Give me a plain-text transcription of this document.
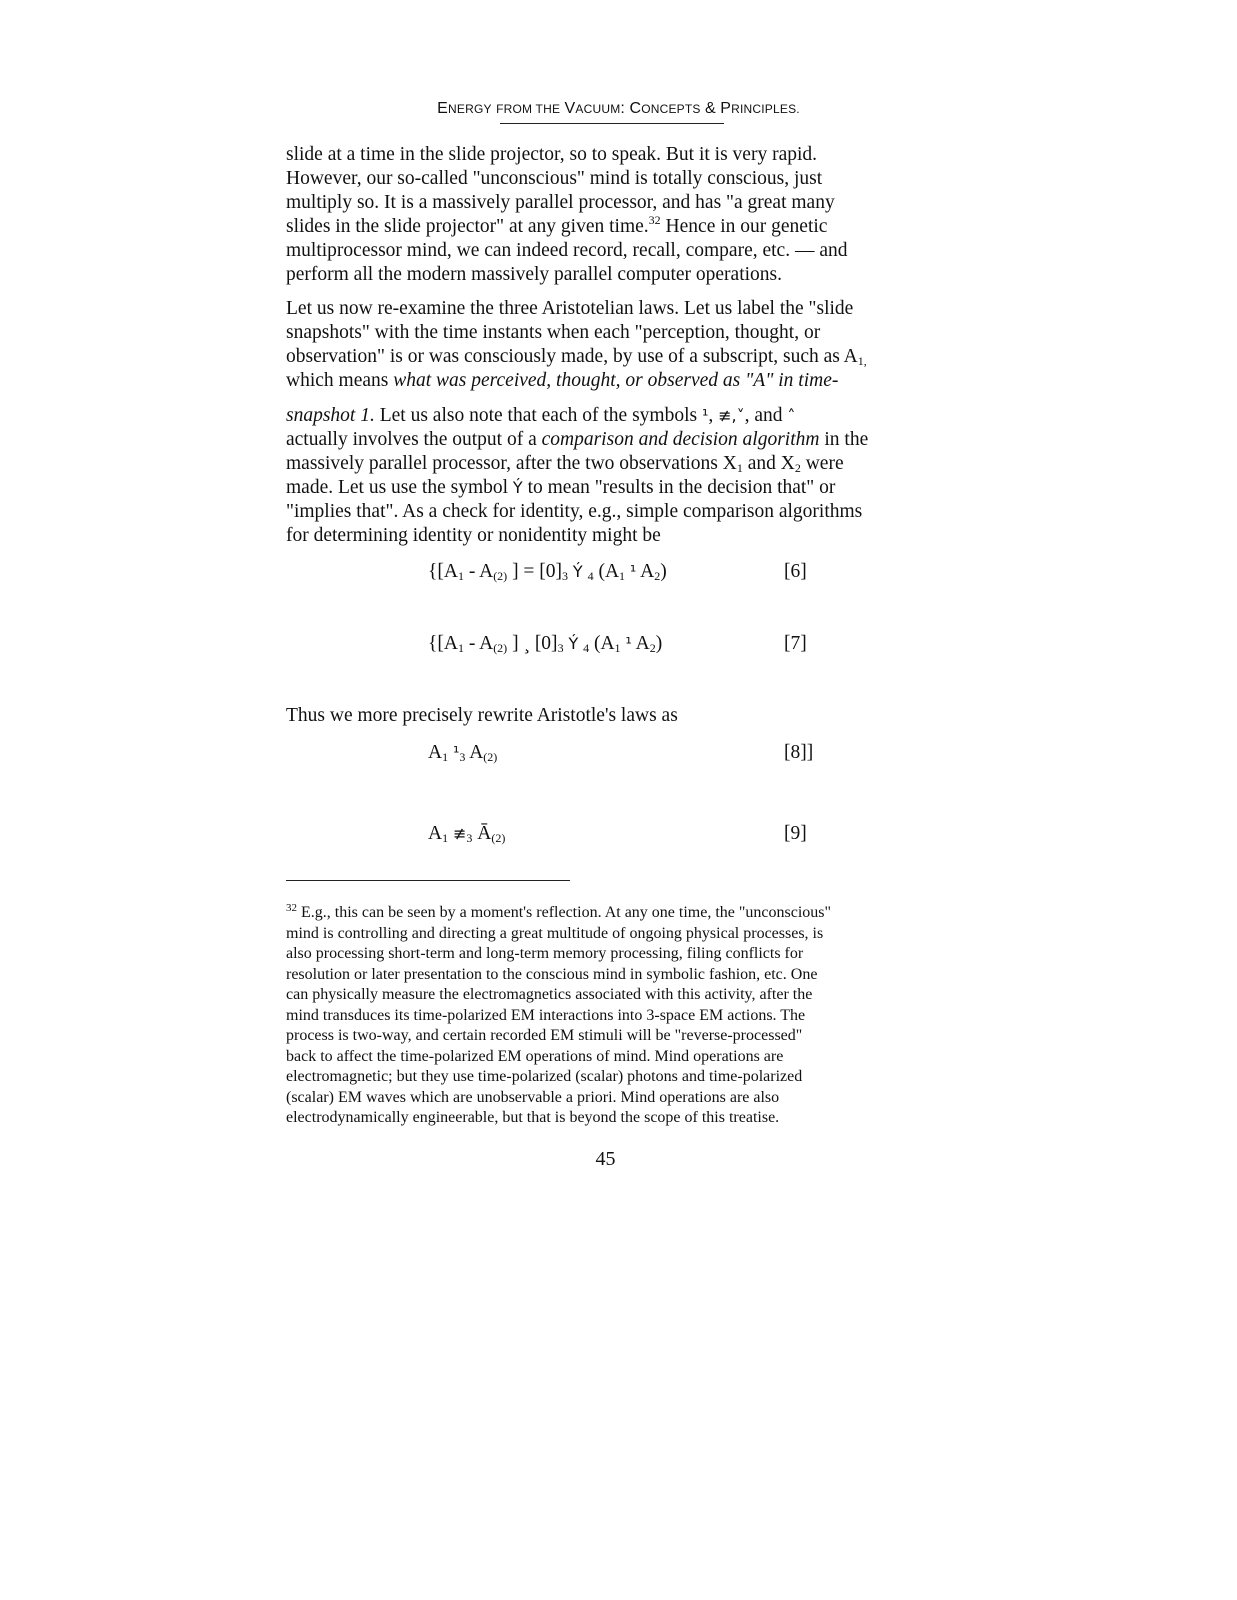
ENERGY FROM THE VACUUM: CONCEPTS & PRINCIPLES.
slide at a time in the slide projector, so to speak. But it is very rapid.
However, our so-called "unconscious" mind is totally conscious, just
multiply so. It is a massively parallel processor, and has "a great many
slides in the slide projector" at any given time.$^{32}$ Hence in our genetic
multiprocessor mind, we can indeed record, recall, compare, etc. — and
perform all the modern massively parallel computer operations.
Let us now re-examine the three Aristotelian laws. Let us label the "slide
snapshots" with the time instants when each "perception, thought, or
observation" is or was consciously made, by use of a subscript, such as $A_{1,}$
which means what was perceived, thought, or observed as "A" in time-
snapshot 1. Let us also note that each of the symbols ¹, ≢,˅, and ˄
actually involves the output of a comparison and decision algorithm in the
massively parallel processor, after the two observations $X_1$ and $X_2$ were
made. Let us use the symbol Ý to mean "results in the decision that" or
"implies that". As a check for identity, e.g., simple comparison algorithms
for determining identity or nonidentity might be
{[$A_1 - A_{(2)}$ ] = $[0]_3$ Ý $_4$ ($A_1$ ¹ $A_2$)	[6]
{[$A_1 - A_{(2)}$ ] ¸ $[0]_3$ Ý $_4$ ($A_1$ ¹ $A_2$)	[7]
Thus we more precisely rewrite Aristotle's laws as
$A_1$ $^1_3$ $A_{(2)}$	[8]]
$A_1$ $≢_3$ $Ā_{(2)}$	[9]
$^{32}$ E.g., this can be seen by a moment's reflection. At any one time, the "unconscious"
mind is controlling and directing a great multitude of ongoing physical processes, is
also processing short-term and long-term memory processing, filing conflicts for
resolution or later presentation to the conscious mind in symbolic fashion, etc. One
can physically measure the electromagnetics associated with this activity, after the
mind transduces its time-polarized EM interactions into 3-space EM actions. The
process is two-way, and certain recorded EM stimuli will be "reverse-processed"
back to affect the time-polarized EM operations of mind. Mind operations are
electromagnetic; but they use time-polarized (scalar) photons and time-polarized
(scalar) EM waves which are unobservable a priori. Mind operations are also
electrodynamically engineerable, but that is beyond the scope of this treatise.
45
